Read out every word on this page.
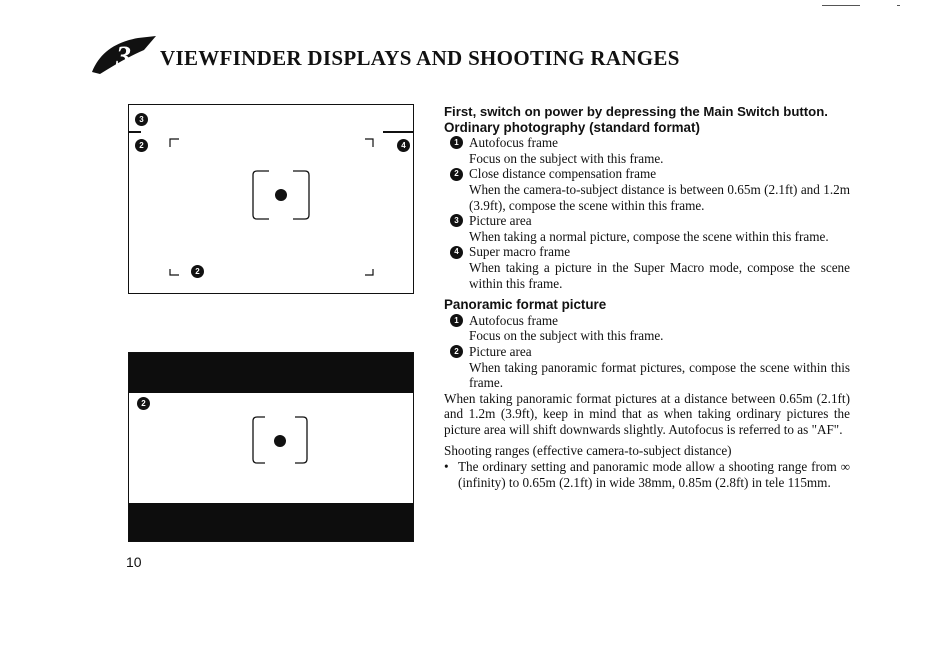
3 VIEWFINDER DISPLAYS AND SHOOTING RANGES
3
2	4
2
2
10

First, switch on power by depressing the Main Switch button.

Ordinary photography (standard format)

1 Autofocus frame

Focus on the subject with this frame.

2 Close distance compensation frame

When the camera-to-subject distance is between 0.65m (2.1ft) and 1.2m (3.9ft), compose the scene within this frame.

3 Picture area

When taking a normal picture, compose the scene within this frame.

4 Super macro frame

When taking a picture in the Super Macro mode, compose the scene within this frame.

Panoramic format picture

1 Autofocus frame

Focus on the subject with this frame.

2 Picture area

When taking panoramic format pictures, compose the scene within this frame.

When taking panoramic format pictures at a distance between 0.65m (2.1ft) and 1.2m (3.9ft), keep in mind that as when taking ordinary pictures the picture area will shift downwards slightly. Autofocus is referred to as "AF".

Shooting ranges (effective camera-to-subject distance)

• The ordinary setting and panoramic mode allow a shooting range from ∞ (infinity) to 0.65m (2.1ft) in wide 38mm, 0.85m (2.8ft) in tele 115mm.
